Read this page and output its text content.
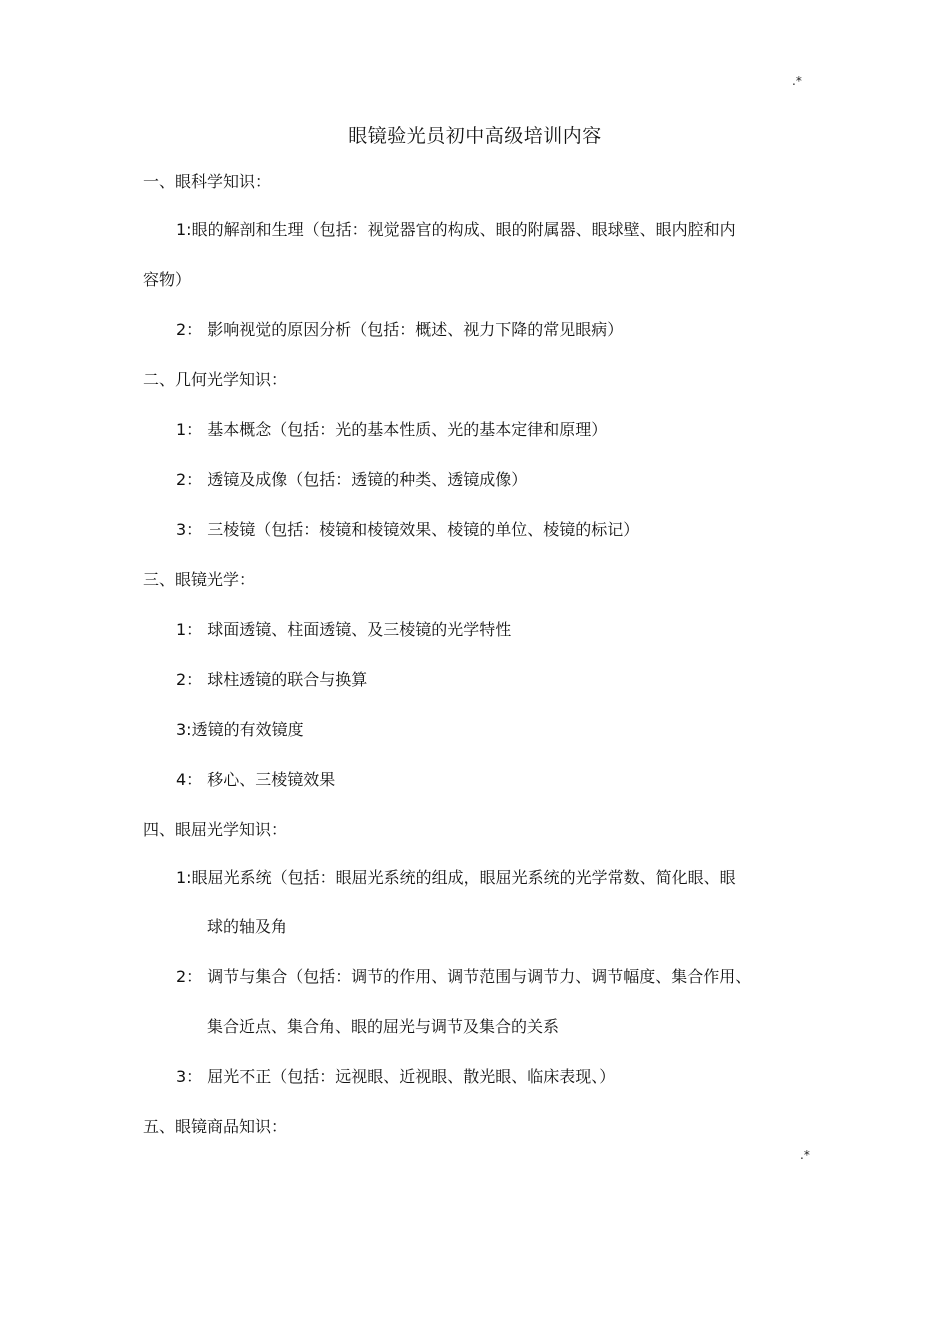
.*
眼镜验光员初中高级培训内容
一、眼科学知识：
1:眼的解剖和生理（包括：视觉器官的构成、眼的附属器、眼球壁、眼内腔和内
容物）
2： 影响视觉的原因分析（包括：概述、视力下降的常见眼病）
二、几何光学知识：
1： 基本概念（包括：光的基本性质、光的基本定律和原理）
2： 透镜及成像（包括：透镜的种类、透镜成像）
3： 三棱镜（包括：棱镜和棱镜效果、棱镜的单位、棱镜的标记）
三、眼镜光学：
1： 球面透镜、柱面透镜、及三棱镜的光学特性
2： 球柱透镜的联合与换算
3:透镜的有效镜度
4： 移心、三棱镜效果
四、眼屈光学知识：
1:眼屈光系统（包括：眼屈光系统的组成，眼屈光系统的光学常数、简化眼、眼
球的轴及角
2： 调节与集合（包括：调节的作用、调节范围与调节力、调节幅度、集合作用、
集合近点、集合角、眼的屈光与调节及集合的关系
3： 屈光不正（包括：远视眼、近视眼、散光眼、临床表现、）
五、眼镜商品知识：
.*
